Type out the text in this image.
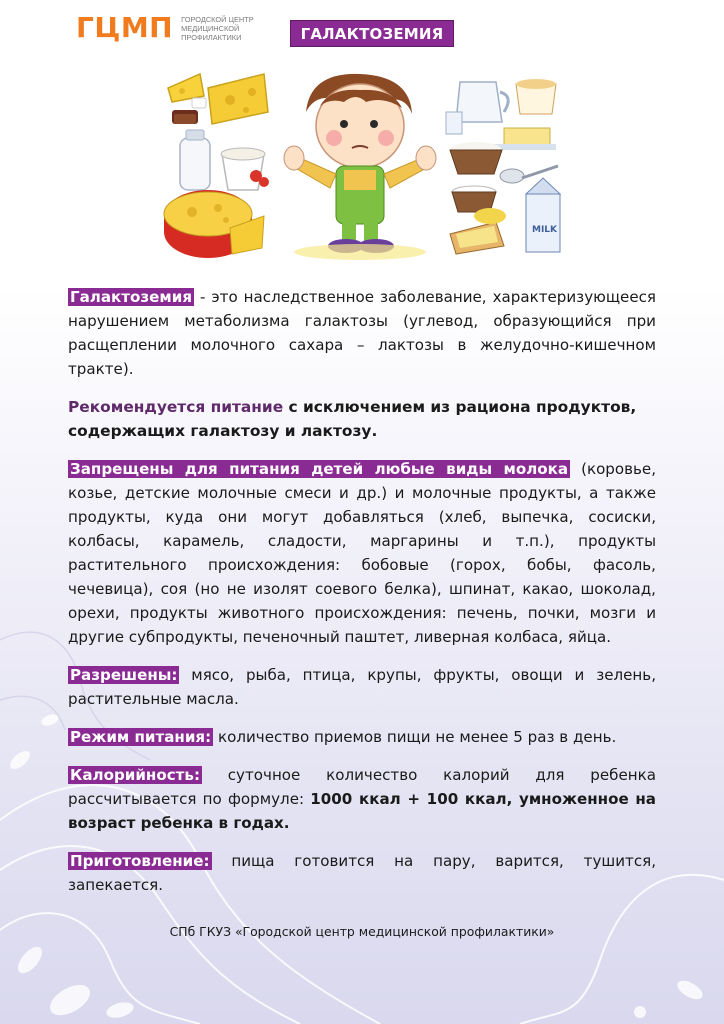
ГЦМП ГОРОДСКОЙ ЦЕНТР
МЕДИЦИНСКОЙ
ПРОФИЛАКТИКИ	ГАЛАКТОЗЕМИЯ
MILK

Галактоземия - это наследственное заболевание, характеризующееся нарушением метаболизма галактозы (углевод, образующийся при расщеплении молочного сахара – лактозы в желудочно-кишечном тракте).

Рекомендуется питание с исключением из рациона продуктов, содержащих галактозу и лактозу.

Запрещены для питания детей любые виды молока (коровье, козье, детские молочные смеси и др.) и молочные продукты, а также продукты, куда они могут добавляться (хлеб, выпечка, сосиски, колбасы, карамель, сладости, маргарины и т.п.), продукты растительного происхождения: бобовые (горох, бобы, фасоль, чечевица), соя (но не изолят соевого белка), шпинат, какао, шоколад, орехи, продукты животного происхождения: печень, почки, мозги и другие субпродукты, печеночный паштет, ливерная колбаса, яйца.

Разрешены: мясо, рыба, птица, крупы, фрукты, овощи и зелень, растительные масла.

Режим питания: количество приемов пищи не менее 5 раз в день.

Калорийность: суточное количество калорий для ребенка рассчитывается по формуле: 1000 ккал + 100 ккал, умноженное на возраст ребенка в годах.

Приготовление: пища готовится на пару, варится, тушится, запекается.

СПб ГКУЗ «Городской центр медицинской профилактики»
